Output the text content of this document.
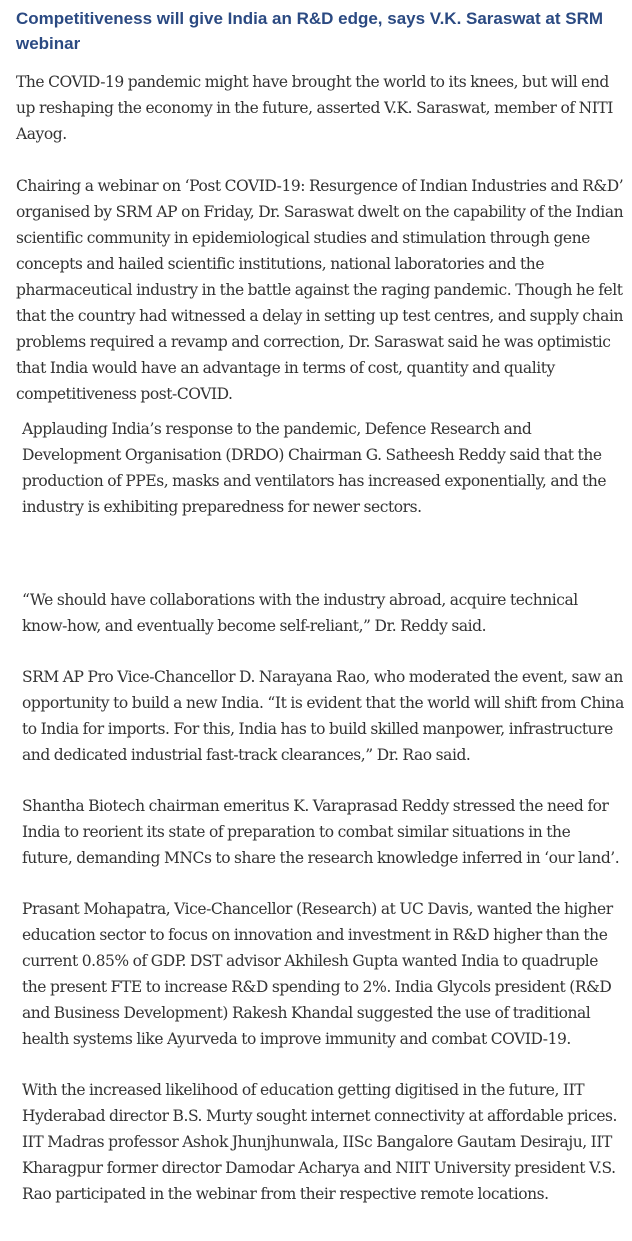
Competitiveness will give India an R&D edge, says V.K. Saraswat at SRM webinar

The COVID-19 pandemic might have brought the world to its knees, but will end up reshaping the economy in the future, asserted V.K. Saraswat, member of NITI Aayog.

Chairing a webinar on ‘Post COVID-19: Resurgence of Indian Industries and R&D’ organised by SRM AP on Friday, Dr. Saraswat dwelt on the capability of the Indian scientific community in epidemiological studies and stimulation through gene concepts and hailed scientific institutions, national laboratories and the pharmaceutical industry in the battle against the raging pandemic. Though he felt that the country had witnessed a delay in setting up test centres, and supply chain problems required a revamp and correction, Dr. Saraswat said he was optimistic that India would have an advantage in terms of cost, quantity and quality competitiveness post-COVID.

Applauding India’s response to the pandemic, Defence Research and Development Organisation (DRDO) Chairman G. Satheesh Reddy said that the production of PPEs, masks and ventilators has increased exponentially, and the industry is exhibiting preparedness for newer sectors.

“We should have collaborations with the industry abroad, acquire technical know-how, and eventually become self-reliant,” Dr. Reddy said.

SRM AP Pro Vice-Chancellor D. Narayana Rao, who moderated the event, saw an opportunity to build a new India. “It is evident that the world will shift from China to India for imports. For this, India has to build skilled manpower, infrastructure and dedicated industrial fast-track clearances,” Dr. Rao said.

Shantha Biotech chairman emeritus K. Varaprasad Reddy stressed the need for India to reorient its state of preparation to combat similar situations in the future, demanding MNCs to share the research knowledge inferred in ‘our land’.

Prasant Mohapatra, Vice-Chancellor (Research) at UC Davis, wanted the higher education sector to focus on innovation and investment in R&D higher than the current 0.85% of GDP. DST advisor Akhilesh Gupta wanted India to quadruple the present FTE to increase R&D spending to 2%. India Glycols president (R&D and Business Development) Rakesh Khandal suggested the use of traditional health systems like Ayurveda to improve immunity and combat COVID-19.

With the increased likelihood of education getting digitised in the future, IIT Hyderabad director B.S. Murty sought internet connectivity at affordable prices. IIT Madras professor Ashok Jhunjhunwala, IISc Bangalore Gautam Desiraju, IIT Kharagpur former director Damodar Acharya and NIIT University president V.S. Rao participated in the webinar from their respective remote locations.
